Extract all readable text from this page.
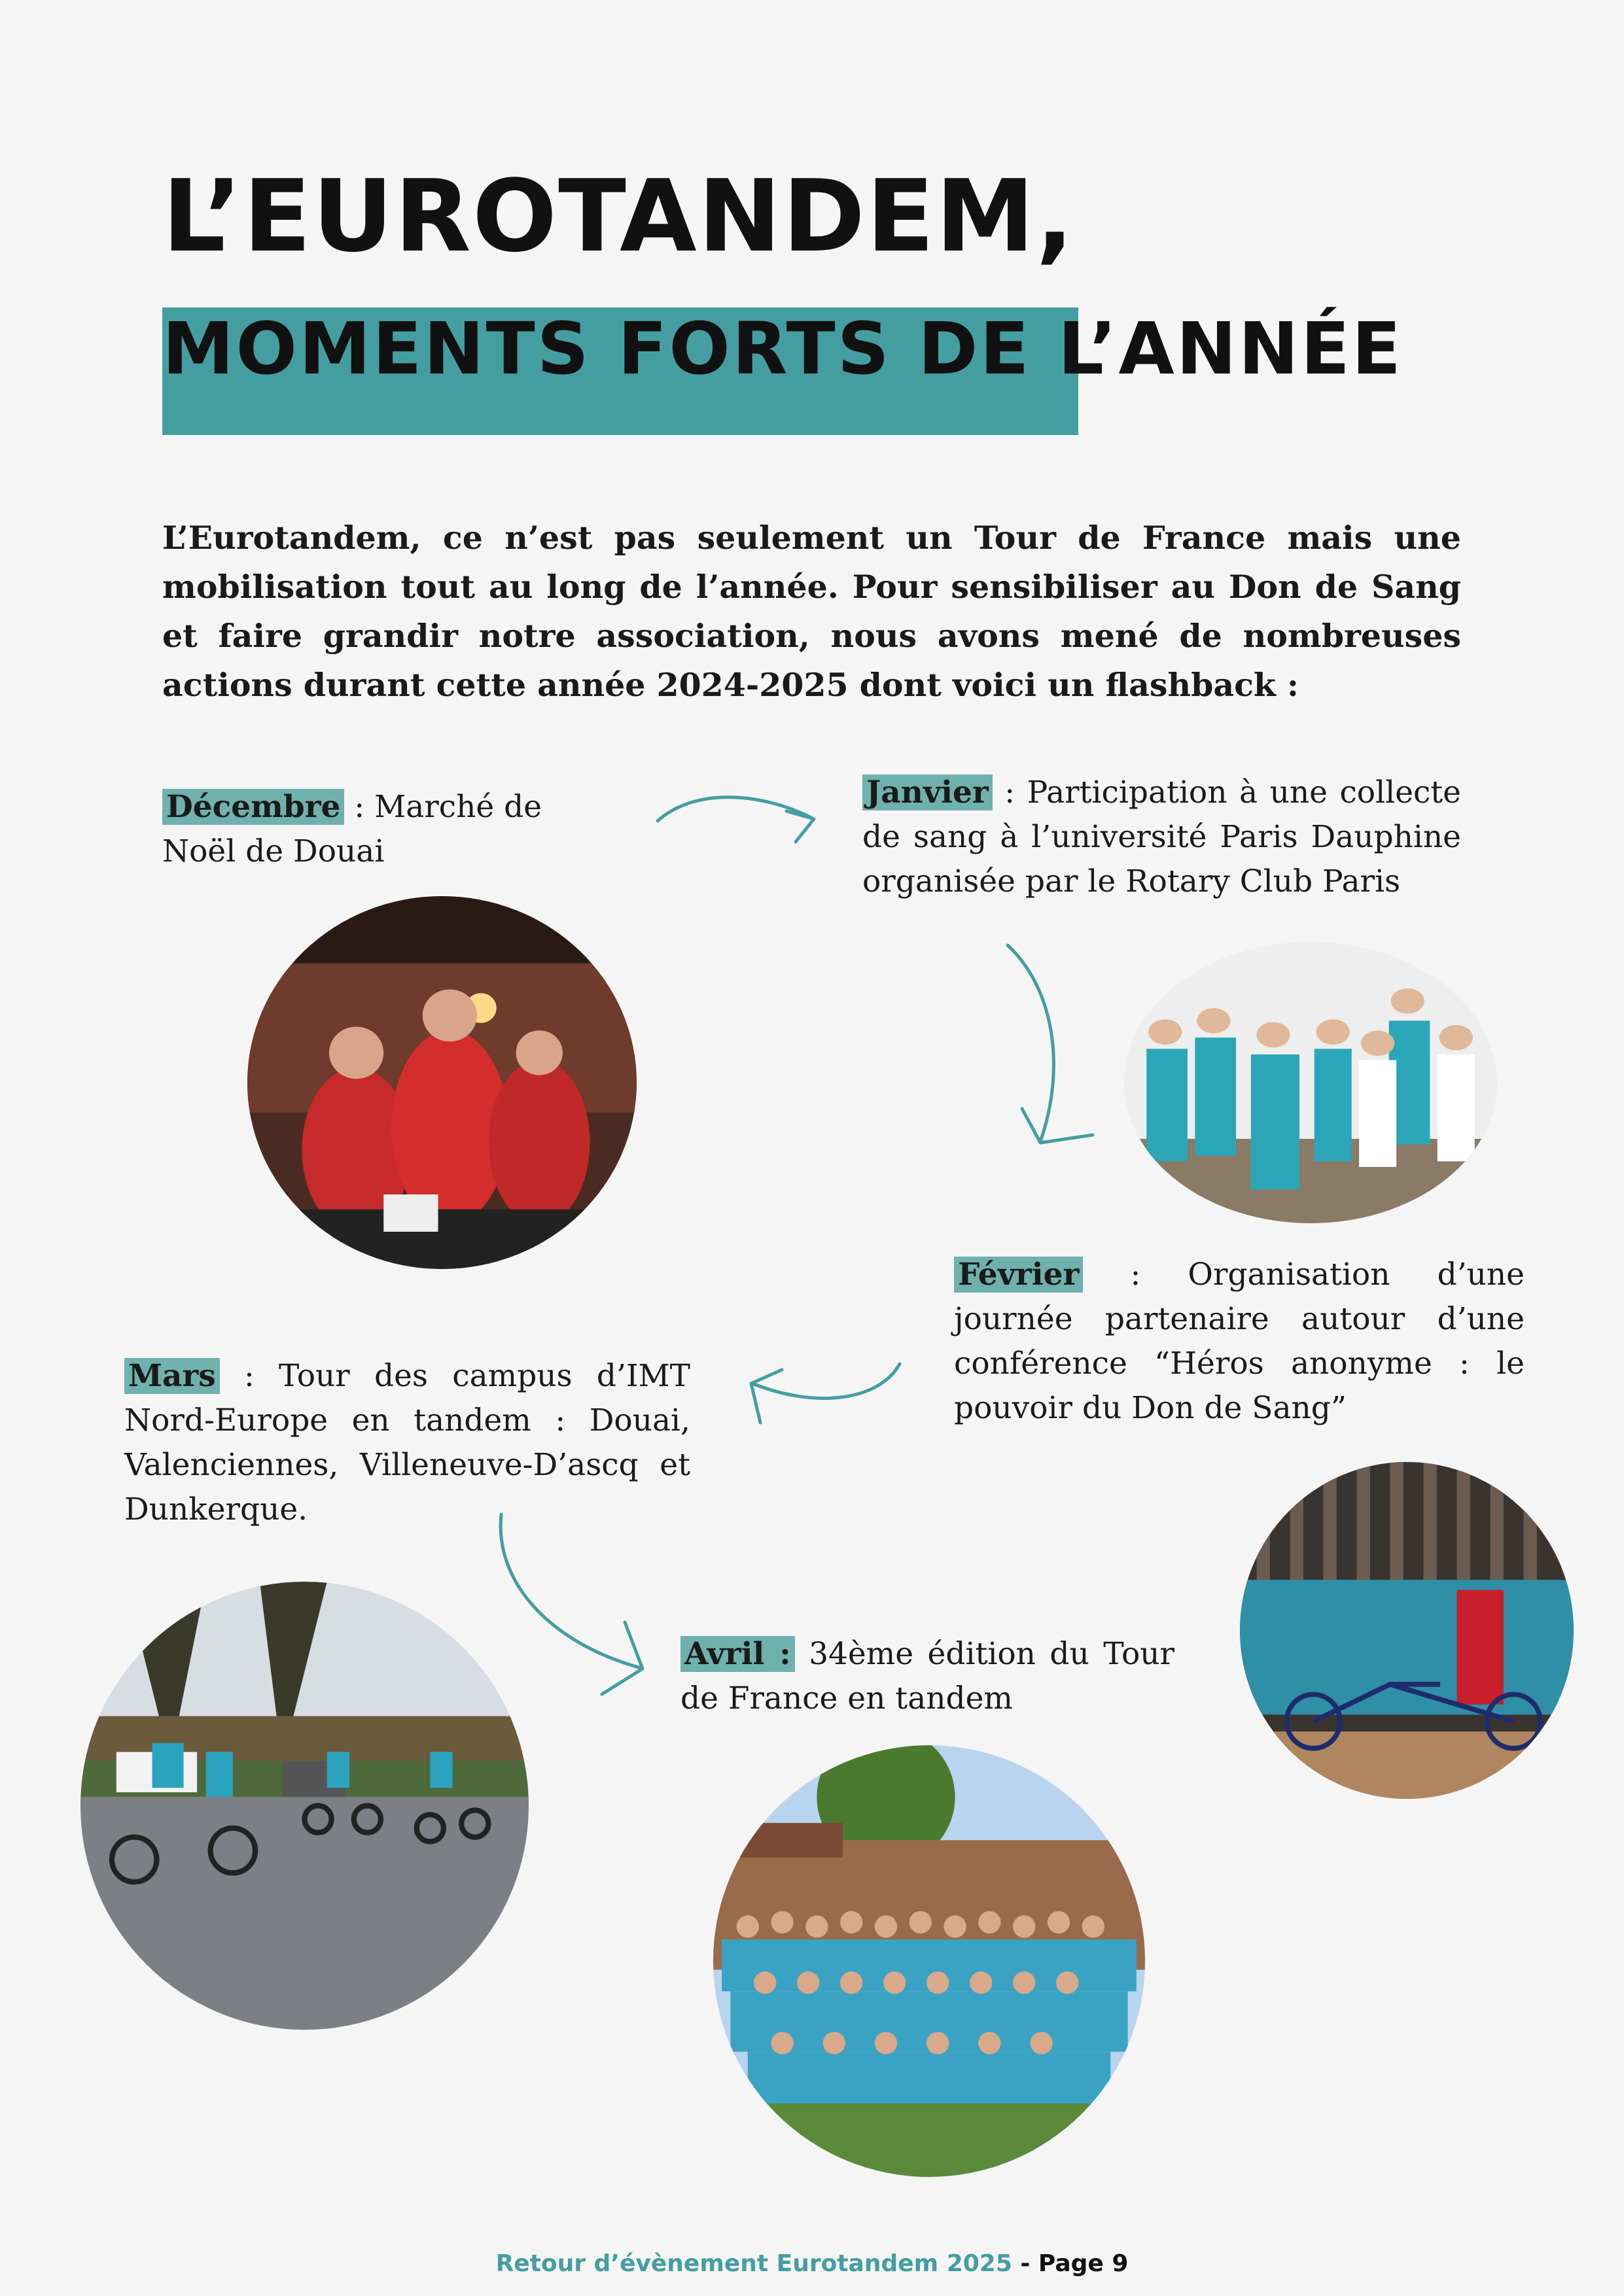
L’EUROTANDEM,
MOMENTS FORTS DE L’ANNÉE
L’Eurotandem, ce n’est pas seulement un Tour de France mais une mobilisation tout au long de l’année. Pour sensibiliser au Don de Sang et faire grandir notre association, nous avons mené de nombreuses actions durant cette année 2024-2025 dont voici un flashback :
Décembre : Marché de Noël de Douai
Janvier : Participation à une collecte de sang à l’université Paris Dauphine organisée par le Rotary Club Paris
Février : Organisation d’une journée partenaire autour d’une conférence “Héros anonyme : le pouvoir du Don de Sang”
Mars : Tour des campus d’IMT Nord-Europe en tandem : Douai, Valenciennes, Villeneuve-D’ascq et Dunkerque.
Avril : 34ème édition du Tour de France en tandem
Retour d’évènement Eurotandem 2025 - Page 9
